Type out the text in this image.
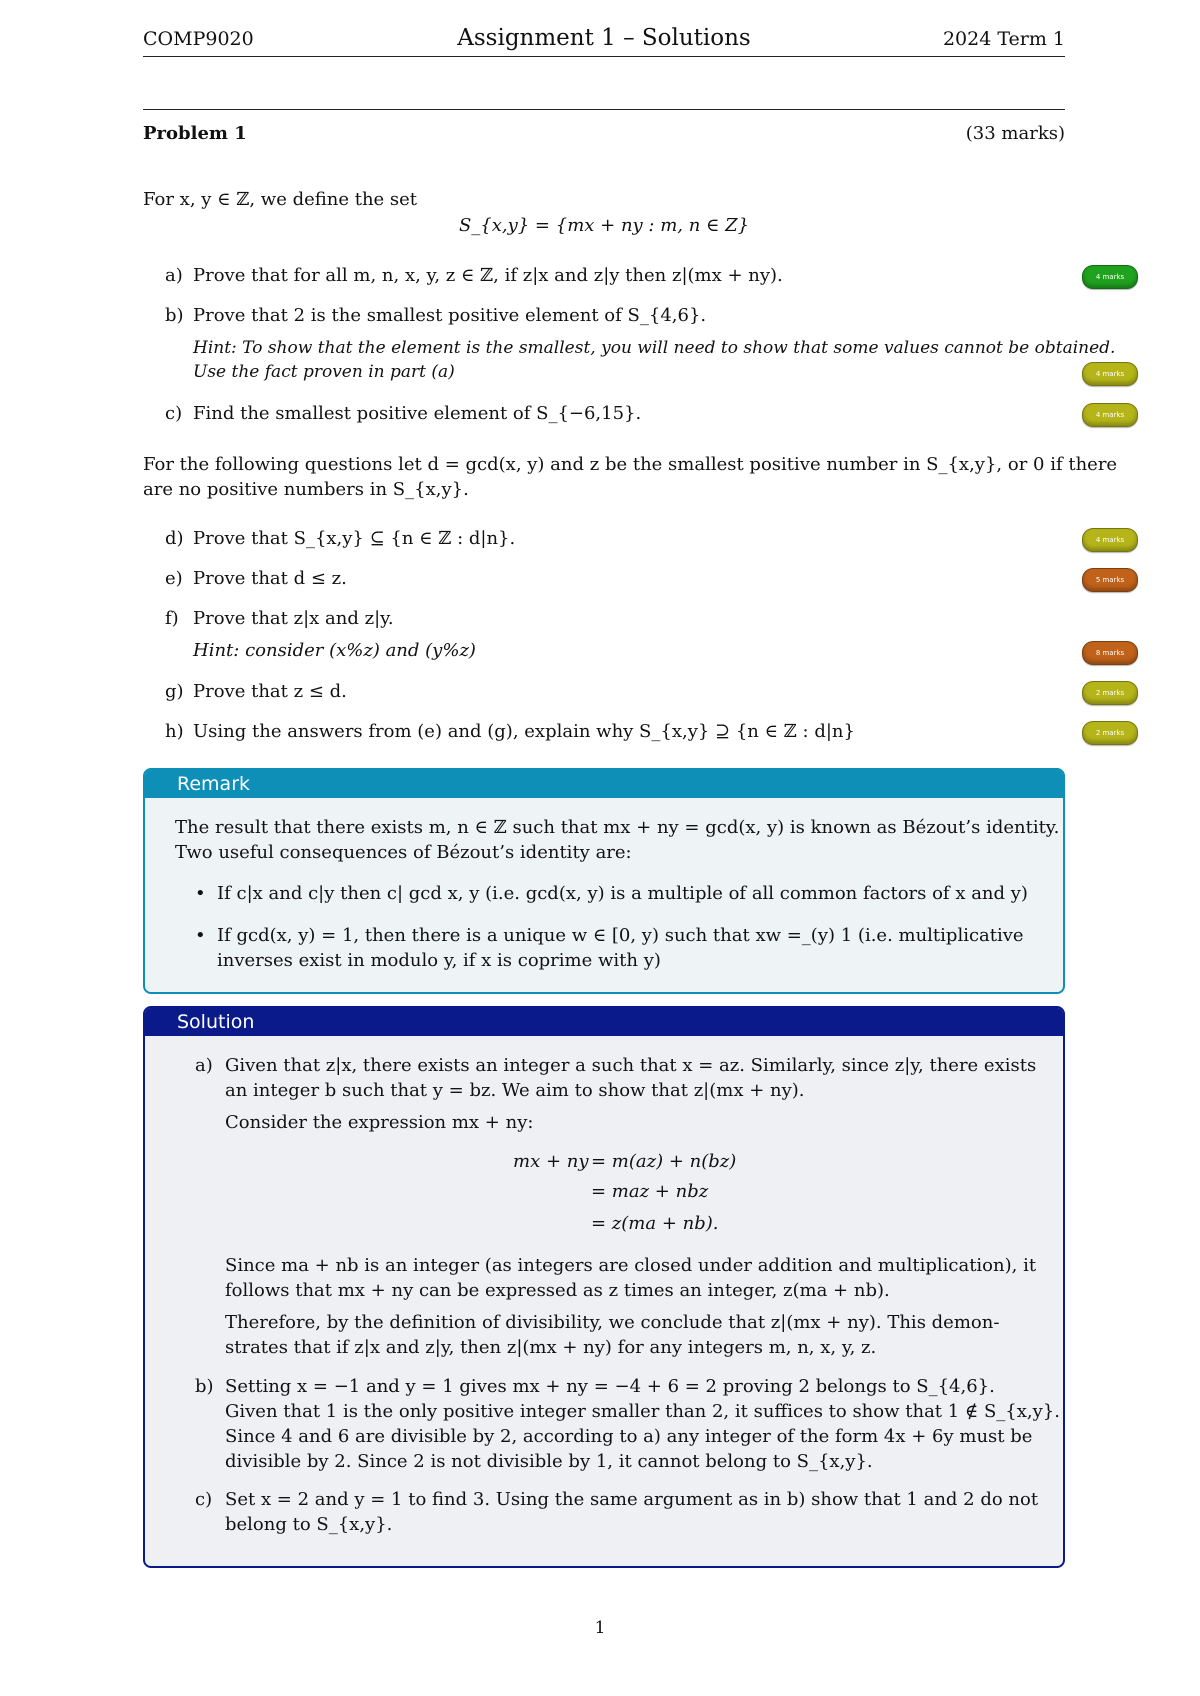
COMP9020	Assignment 1 – Solutions	2024 Term 1
Problem 1	(33 marks)
For x, y ∈ ℤ, we define the set
S_{x,y} = {mx + ny : m, n ∈ Z}
a) Prove that for all m, n, x, y, z ∈ ℤ, if z|x and z|y then z|(mx + ny).	4 marks
b) Prove that 2 is the smallest positive element of S_{4,6}.
Hint: To show that the element is the smallest, you will need to show that some values cannot be obtained.
Use the fact proven in part (a)	4 marks
c) Find the smallest positive element of S_{−6,15}.	4 marks
For the following questions let d = gcd(x, y) and z be the smallest positive number in S_{x,y}, or 0 if there
are no positive numbers in S_{x,y}.
d) Prove that S_{x,y} ⊆ {n ∈ ℤ : d|n}.	4 marks
e) Prove that d ≤ z.	5 marks
f) Prove that z|x and z|y.
Hint: consider (x%z) and (y%z)	8 marks
g) Prove that z ≤ d.	2 marks
h) Using the answers from (e) and (g), explain why S_{x,y} ⊇ {n ∈ ℤ : d|n}	2 marks
Remark
The result that there exists m, n ∈ ℤ such that mx + ny = gcd(x, y) is known as Bézout’s identity.
Two useful consequences of Bézout’s identity are:
• If c|x and c|y then c| gcd x, y (i.e. gcd(x, y) is a multiple of all common factors of x and y)
• If gcd(x, y) = 1, then there is a unique w ∈ [0, y) such that xw =_(y) 1 (i.e. multiplicative
inverses exist in modulo y, if x is coprime with y)
Solution
a) Given that z|x, there exists an integer a such that x = az. Similarly, since z|y, there exists
an integer b such that y = bz. We aim to show that z|(mx + ny).
Consider the expression mx + ny:
mx + ny = m(az) + n(bz)
= maz + nbz
= z(ma + nb).
Since ma + nb is an integer (as integers are closed under addition and multiplication), it
follows that mx + ny can be expressed as z times an integer, z(ma + nb).
Therefore, by the definition of divisibility, we conclude that z|(mx + ny). This demon-
strates that if z|x and z|y, then z|(mx + ny) for any integers m, n, x, y, z.
b) Setting x = −1 and y = 1 gives mx + ny = −4 + 6 = 2 proving 2 belongs to S_{4,6}.
Given that 1 is the only positive integer smaller than 2, it suffices to show that 1 ∉ S_{x,y}.
Since 4 and 6 are divisible by 2, according to a) any integer of the form 4x + 6y must be
divisible by 2. Since 2 is not divisible by 1, it cannot belong to S_{x,y}.
c) Set x = 2 and y = 1 to find 3. Using the same argument as in b) show that 1 and 2 do not
belong to S_{x,y}.
1
